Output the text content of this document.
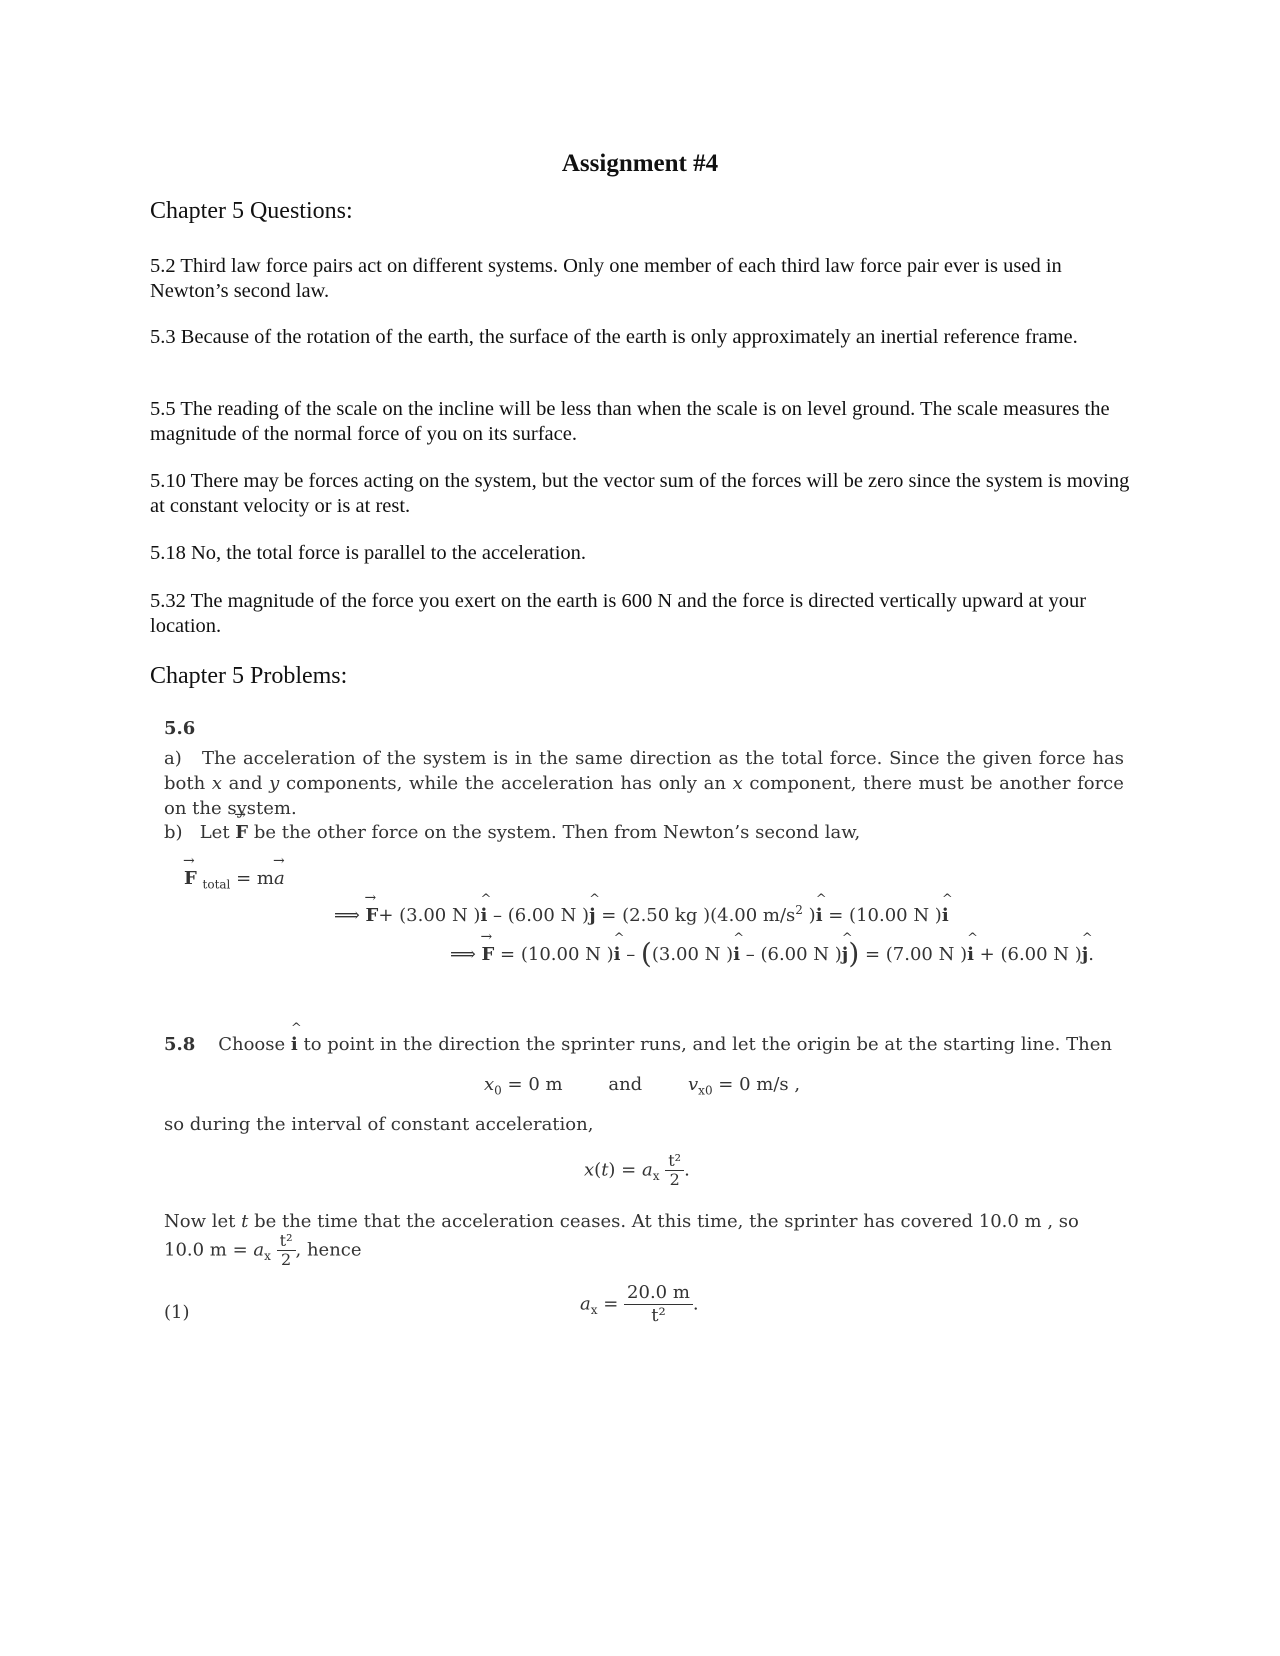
Assignment #4
Chapter 5 Questions:
5.2 Third law force pairs act on different systems. Only one member of each third law force pair ever is used in Newton’s second law.
5.3 Because of the rotation of the earth, the surface of the earth is only approximately an inertial reference frame.
5.5 The reading of the scale on the incline will be less than when the scale is on level ground. The scale measures the magnitude of the normal force of you on its surface.
5.10 There may be forces acting on the system, but the vector sum of the forces will be zero since the system is moving at constant velocity or is at rest.
5.18 No, the total force is parallel to the acceleration.
5.32 The magnitude of the force you exert on the earth is 600 N and the force is directed vertically upward at your location.
Chapter 5 Problems:
5.6
a) The acceleration of the system is in the same direction as the total force. Since the given force has both x and y components, while the acceleration has only an x component, there must be another force on the system.
b) Let → F be the other force on the system. Then from Newton’s second law,
→ F $_{total}$ = m→ a
⟹ → F+ (3.00 N )^ i – (6.00 N )^ j = (2.50 kg )(4.00 $m/s^2$ )^ i = (10.00 N )^ i
⟹ → F = (10.00 N )^ i – ((3.00 N )^ i – (6.00 N )^ j) = (7.00 N )^ i + (6.00 N )^ j.
5.8 Choose ^ i to point in the direction the sprinter runs, and let the origin be at the starting line. Then
$x_0 = 0$ m	and	$v_{x0} = 0$ m/s ,
so during the interval of constant acceleration,
$x(t) = a_x \frac{\text{t²}}{2}$ .
Now let t be the time that the acceleration ceases. At this time, the sprinter has covered 10.0 m , so
10.0 $m = a_x \frac{\text{t²}}{2}$ , hence
(1)	$a_x = \frac{20.0 m}{\text{t²}}$ .
